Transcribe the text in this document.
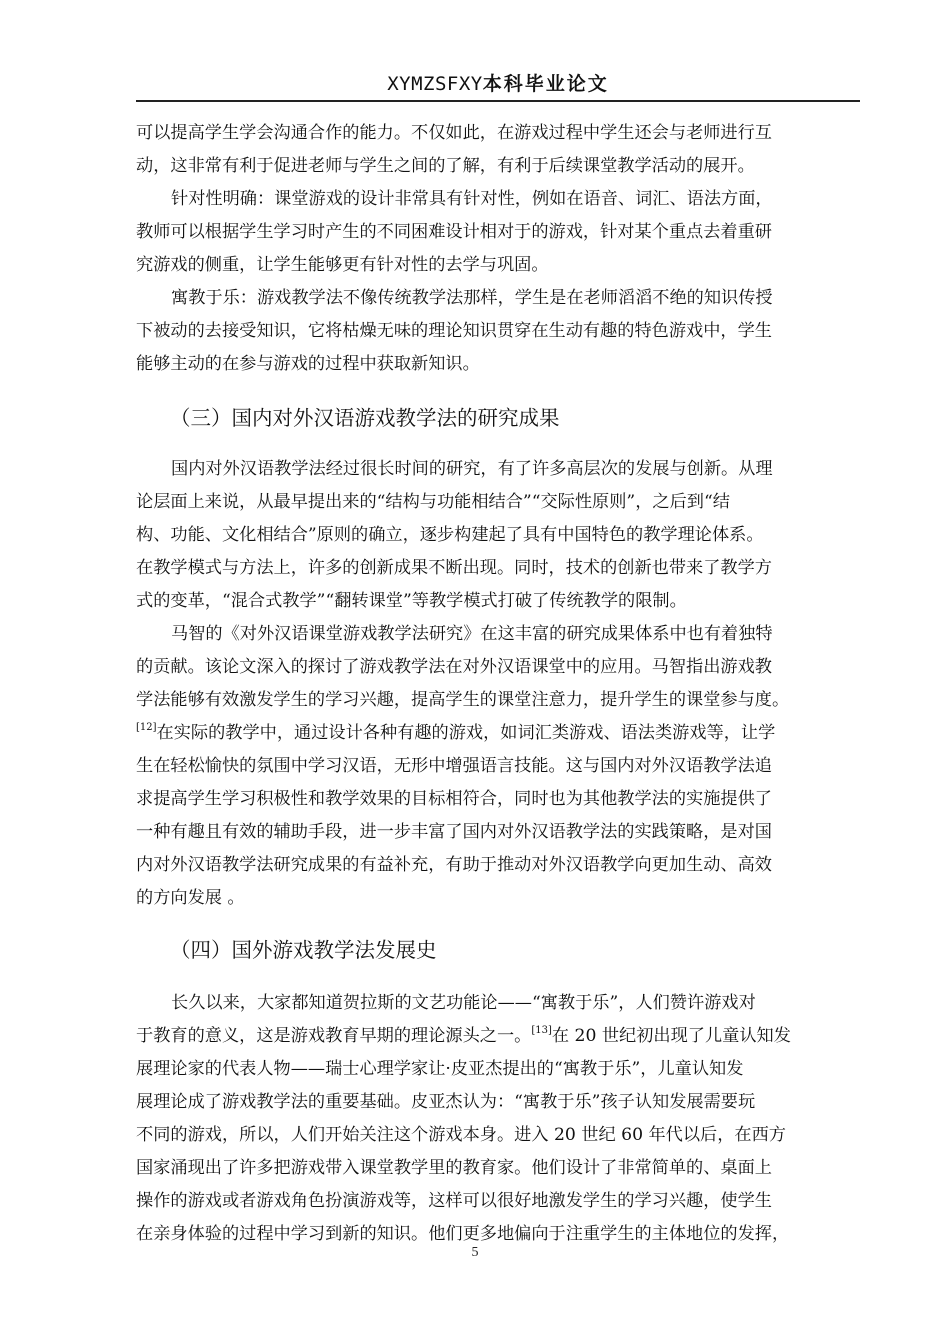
XYMZSFXY本科毕业论文
可以提高学生学会沟通合作的能力。不仅如此，在游戏过程中学生还会与老师进行互
动，这非常有利于促进老师与学生之间的了解，有利于后续课堂教学活动的展开。
针对性明确：课堂游戏的设计非常具有针对性，例如在语音、词汇、语法方面，
教师可以根据学生学习时产生的不同困难设计相对于的游戏，针对某个重点去着重研
究游戏的侧重，让学生能够更有针对性的去学与巩固。
寓教于乐：游戏教学法不像传统教学法那样，学生是在老师滔滔不绝的知识传授
下被动的去接受知识，它将枯燥无味的理论知识贯穿在生动有趣的特色游戏中，学生
能够主动的在参与游戏的过程中获取新知识。
（三）国内对外汉语游戏教学法的研究成果
国内对外汉语教学法经过很长时间的研究，有了许多高层次的发展与创新。从理
论层面上来说，从最早提出来的“结构与功能相结合”“交际性原则”，之后到“结
构、功能、文化相结合”原则的确立，逐步构建起了具有中国特色的教学理论体系。
在教学模式与方法上，许多的创新成果不断出现。同时，技术的创新也带来了教学方
式的变革，“混合式教学”“翻转课堂”等教学模式打破了传统教学的限制。
马智的《对外汉语课堂游戏教学法研究》在这丰富的研究成果体系中也有着独特
的贡献。该论文深入的探讨了游戏教学法在对外汉语课堂中的应用。马智指出游戏教
学法能够有效激发学生的学习兴趣，提高学生的课堂注意力，提升学生的课堂参与度。
[12]在实际的教学中，通过设计各种有趣的游戏，如词汇类游戏、语法类游戏等，让学
生在轻松愉快的氛围中学习汉语，无形中增强语言技能。这与国内对外汉语教学法追
求提高学生学习积极性和教学效果的目标相符合，同时也为其他教学法的实施提供了
一种有趣且有效的辅助手段，进一步丰富了国内对外汉语教学法的实践策略，是对国
内对外汉语教学法研究成果的有益补充，有助于推动对外汉语教学向更加生动、高效
的方向发展 。
（四）国外游戏教学法发展史
长久以来，大家都知道贺拉斯的文艺功能论——“寓教于乐”，人们赞许游戏对
于教育的意义，这是游戏教育早期的理论源头之一。[13]在 20 世纪初出现了儿童认知发
展理论家的代表人物——瑞士心理学家让·皮亚杰提出的“寓教于乐”，儿童认知发
展理论成了游戏教学法的重要基础。皮亚杰认为：“寓教于乐”孩子认知发展需要玩
不同的游戏，所以，人们开始关注这个游戏本身。进入 20 世纪 60 年代以后，在西方
国家涌现出了许多把游戏带入课堂教学里的教育家。他们设计了非常简单的、桌面上
操作的游戏或者游戏角色扮演游戏等，这样可以很好地激发学生的学习兴趣，使学生
在亲身体验的过程中学习到新的知识。他们更多地偏向于注重学生的主体地位的发挥，
5
